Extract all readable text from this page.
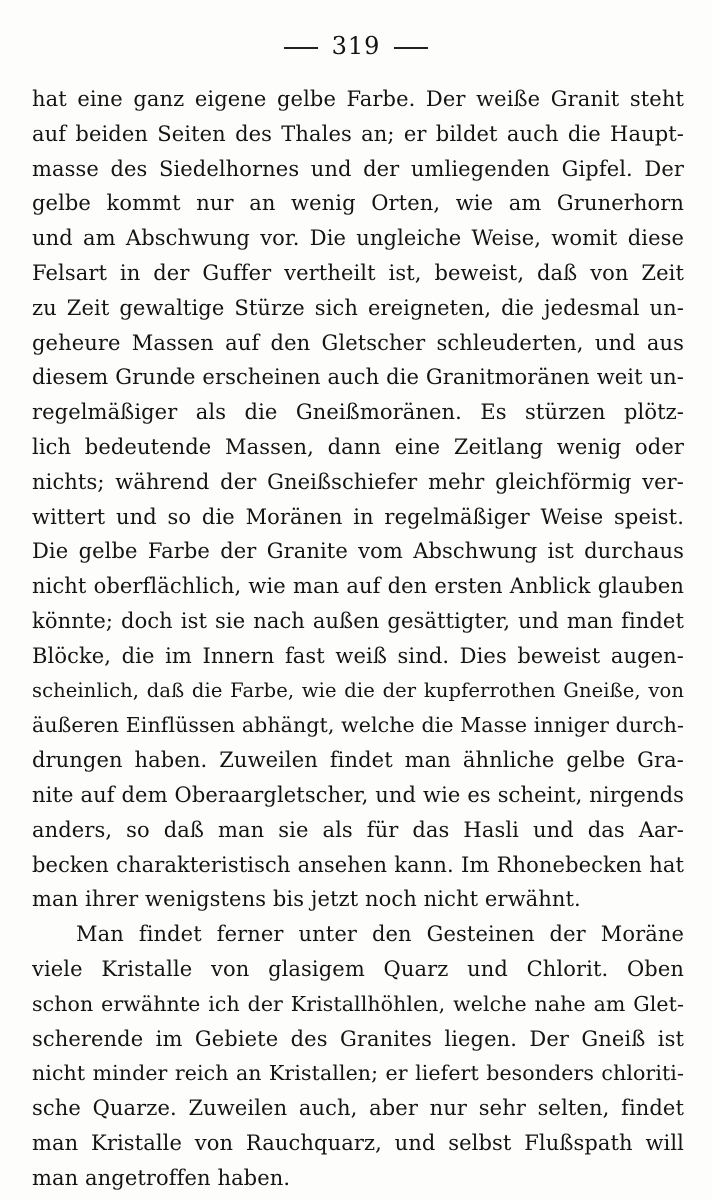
319
hat eine ganz eigene gelbe Farbe. Der weiße Granit steht
auf beiden Seiten des Thales an; er bildet auch die Haupt-
masse des Siedelhornes und der umliegenden Gipfel. Der
gelbe kommt nur an wenig Orten, wie am Grunerhorn
und am Abschwung vor. Die ungleiche Weise, womit diese
Felsart in der Guffer vertheilt ist, beweist, daß von Zeit
zu Zeit gewaltige Stürze sich ereigneten, die jedesmal un-
geheure Massen auf den Gletscher schleuderten, und aus
diesem Grunde erscheinen auch die Granitmoränen weit un-
regelmäßiger als die Gneißmoränen. Es stürzen plötz-
lich bedeutende Massen, dann eine Zeitlang wenig oder
nichts; während der Gneißschiefer mehr gleichförmig ver-
wittert und so die Moränen in regelmäßiger Weise speist.
Die gelbe Farbe der Granite vom Abschwung ist durchaus
nicht oberflächlich, wie man auf den ersten Anblick glauben
könnte; doch ist sie nach außen gesättigter, und man findet
Blöcke, die im Innern fast weiß sind. Dies beweist augen-
scheinlich, daß die Farbe, wie die der kupferrothen Gneiße, von
äußeren Einflüssen abhängt, welche die Masse inniger durch-
drungen haben. Zuweilen findet man ähnliche gelbe Gra-
nite auf dem Oberaargletscher, und wie es scheint, nirgends
anders, so daß man sie als für das Hasli und das Aar-
becken charakteristisch ansehen kann. Im Rhonebecken hat
man ihrer wenigstens bis jetzt noch nicht erwähnt.
Man findet ferner unter den Gesteinen der Moräne
viele Kristalle von glasigem Quarz und Chlorit. Oben
schon erwähnte ich der Kristallhöhlen, welche nahe am Glet-
scherende im Gebiete des Granites liegen. Der Gneiß ist
nicht minder reich an Kristallen; er liefert besonders chloriti-
sche Quarze. Zuweilen auch, aber nur sehr selten, findet
man Kristalle von Rauchquarz, und selbst Flußspath will
man angetroffen haben.
